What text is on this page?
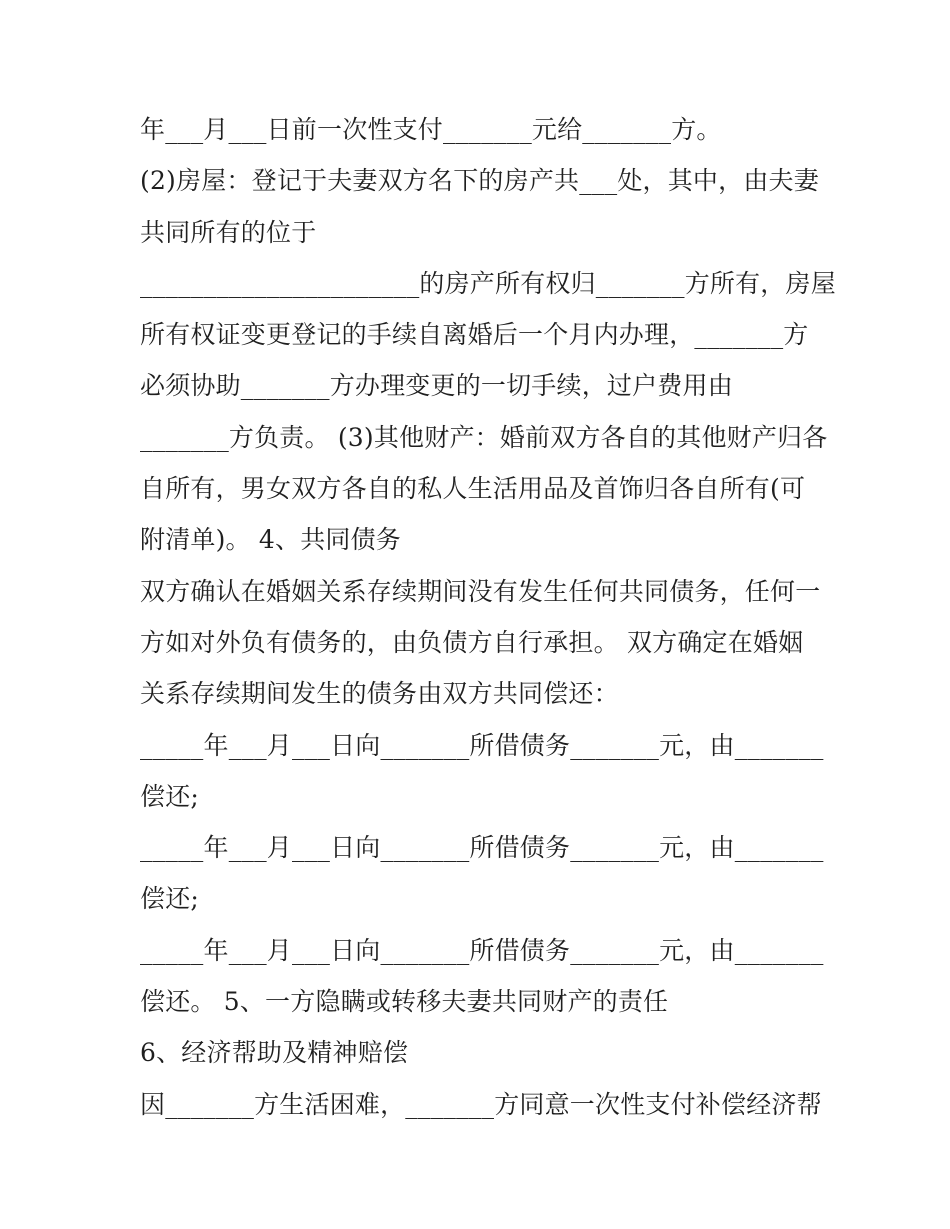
年___月___日前一次性支付_______元给_______方。
(2)房屋：登记于夫妻双方名下的房产共___处，其中，由夫妻
共同所有的位于
______________________的房产所有权归_______方所有，房屋
所有权证变更登记的手续自离婚后一个月内办理，_______方
必须协助_______方办理变更的一切手续，过户费用由
_______方负责。 (3)其他财产：婚前双方各自的其他财产归各
自所有，男女双方各自的私人生活用品及首饰归各自所有(可
附清单)。 4、共同债务
双方确认在婚姻关系存续期间没有发生任何共同债务，任何一
方如对外负有债务的，由负债方自行承担。 双方确定在婚姻
关系存续期间发生的债务由双方共同偿还：
_____年___月___日向_______所借债务_______元，由_______
偿还;
_____年___月___日向_______所借债务_______元，由_______
偿还;
_____年___月___日向_______所借债务_______元，由_______
偿还。 5、一方隐瞒或转移夫妻共同财产的责任
6、经济帮助及精神赔偿
因_______方生活困难，_______方同意一次性支付补偿经济帮
